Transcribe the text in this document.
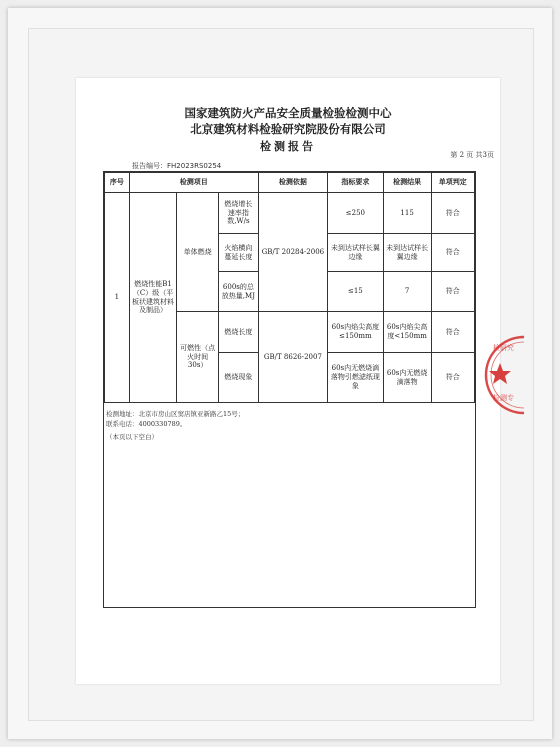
国家建筑防火产品安全质量检验检测中心
北京建筑材料检验研究院股份有限公司
检测报告
第 2 页 共3页
报告编号：FH2023RS0254
序号	检测项目			检测依据	指标要求	检测结果	单项判定
1	燃烧性能B1（C）级（平板状建筑材料及制品）	单体燃烧	燃烧增长速率指数,W/s	GB/T 20284-2006	≤250	115	符合
			火焰横向蔓延长度		未到达试样长翼边缘	未到达试样长翼边缘	符合
			600s的总放热量,MJ		≤15	7	符合
		可燃性（点火时间30s）	燃烧长度	GB/T 8626-2007	60s内焰尖高度≤150mm	60s内焰尖高度<150mm	符合
			燃烧现象		60s内无燃烧滴落物引燃滤纸现象	60s内无燃烧滴落物	符合
检测地址：北京市房山区窦店镇亚新路乙15号；
联系电话：4000330789。
（本页以下空白）
检研究
检测专
